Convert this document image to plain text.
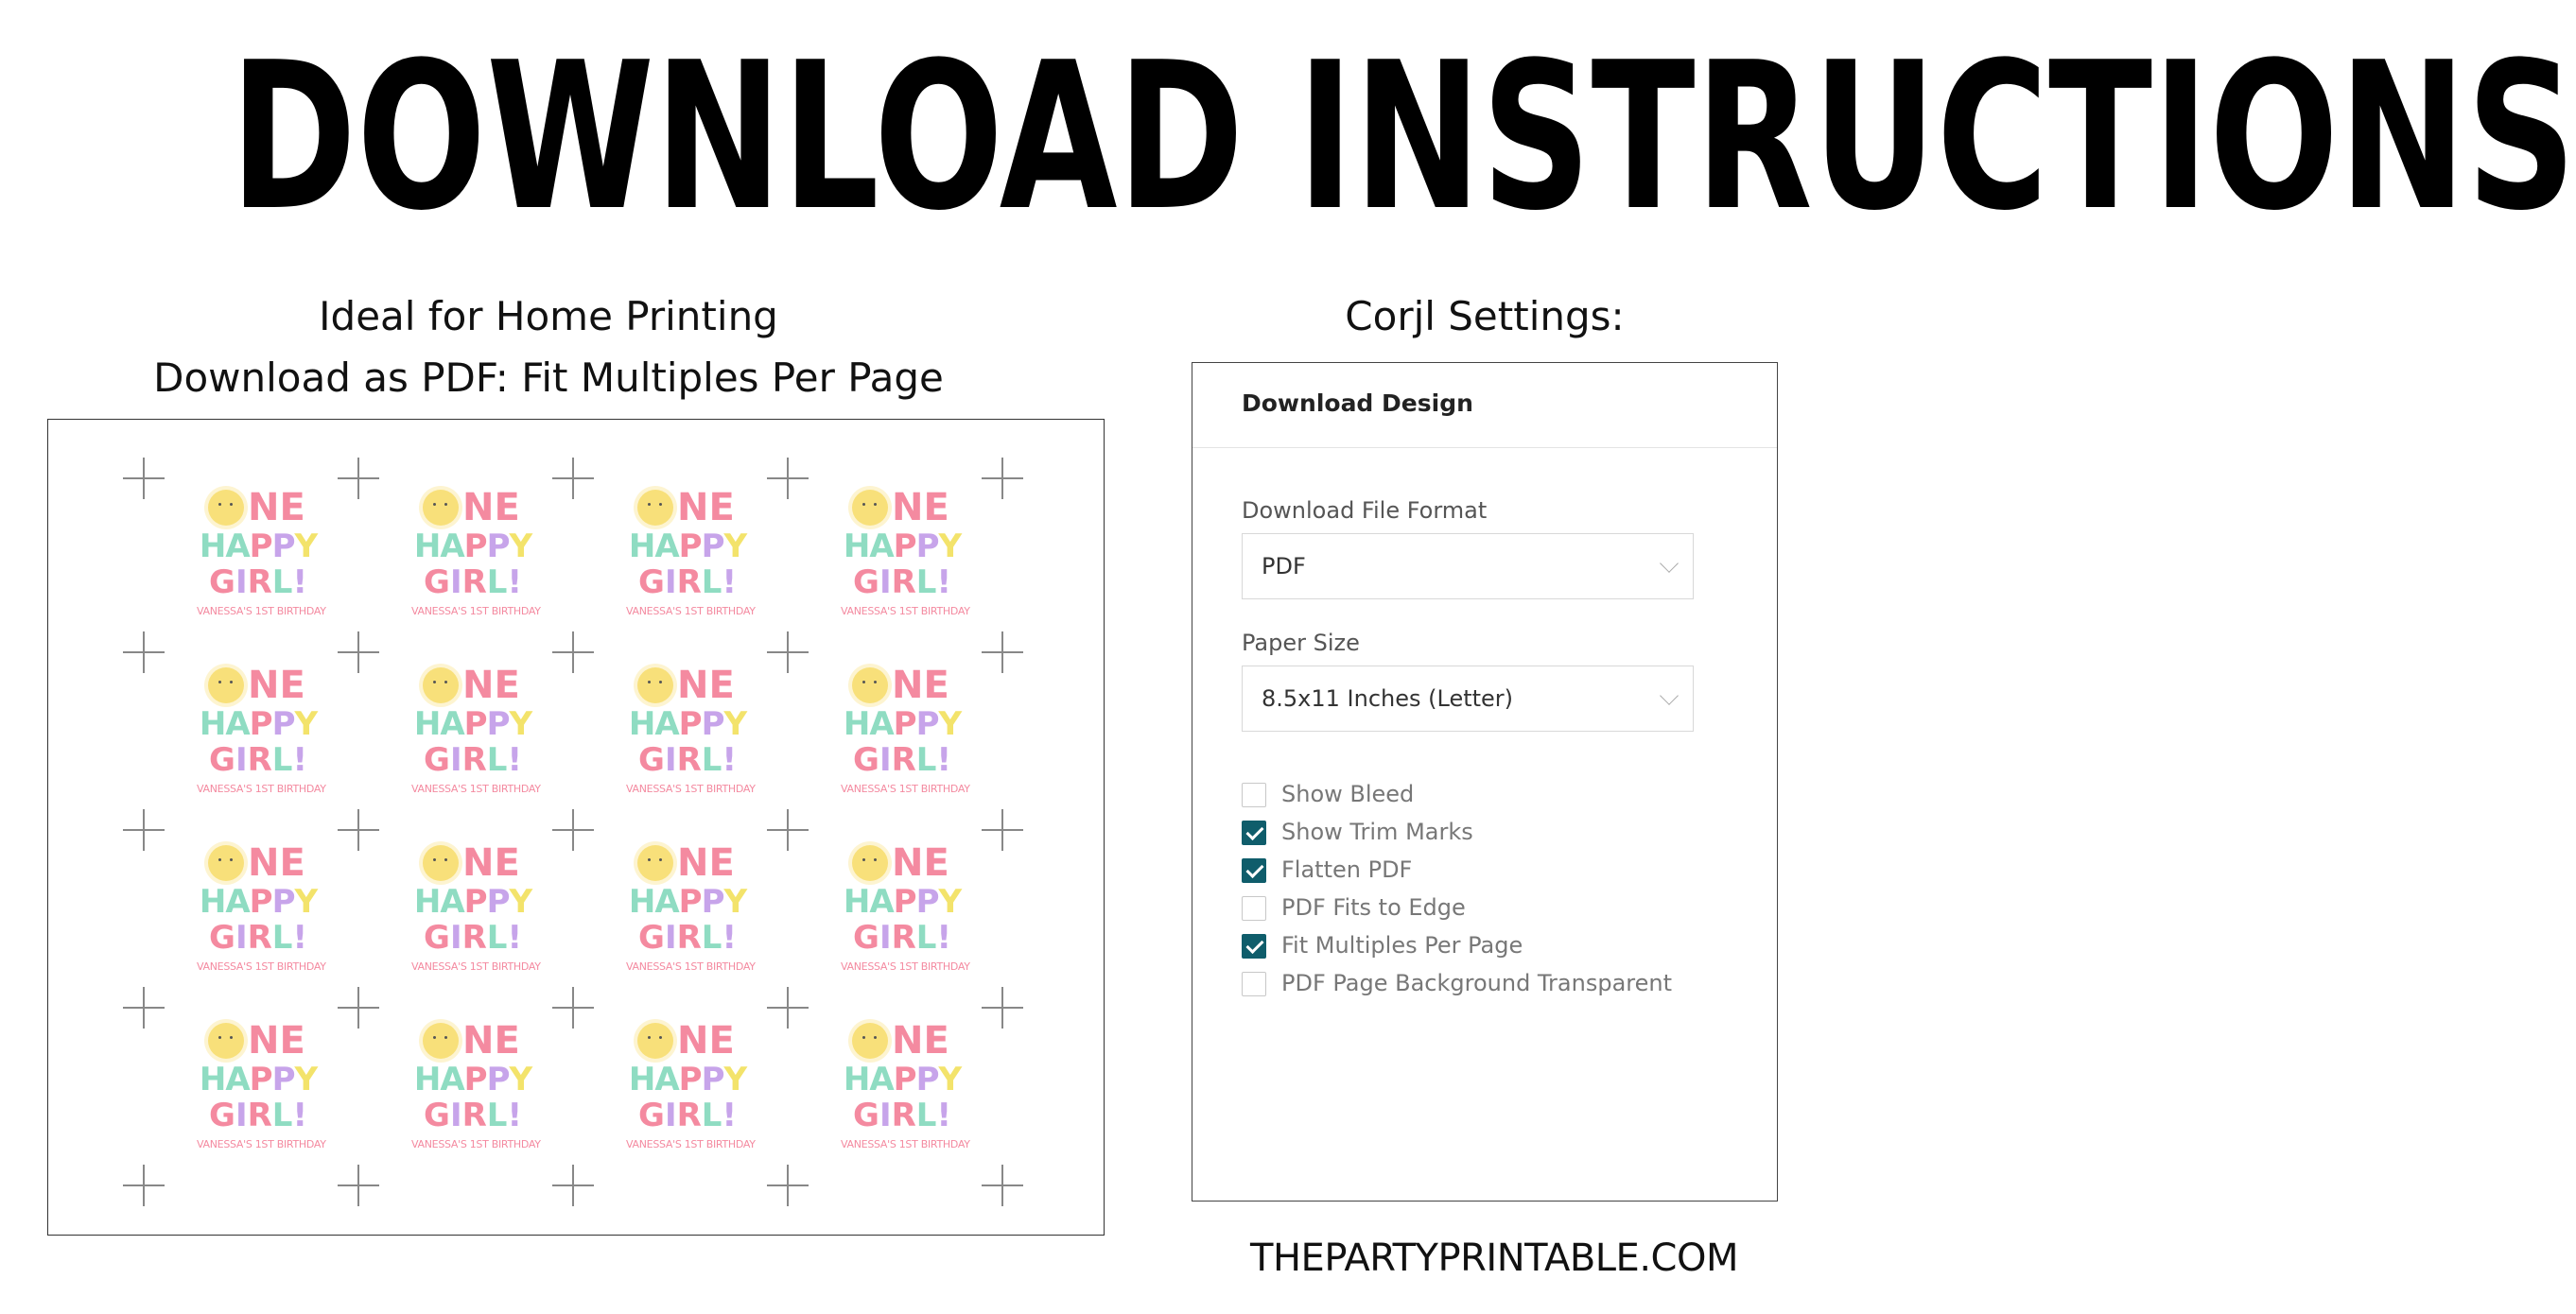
DOWNLOAD INSTRUCTIONS
Ideal for Home Printing
Download as PDF: Fit Multiples Per Page
Corjl Settings:
NE
HAPPY
GIRL!
VANESSA'S 1ST BIRTHDAY
NE
HAPPY
GIRL!
VANESSA'S 1ST BIRTHDAY
NE
HAPPY
GIRL!
VANESSA'S 1ST BIRTHDAY
NE
HAPPY
GIRL!
VANESSA'S 1ST BIRTHDAY
NE
HAPPY
GIRL!
VANESSA'S 1ST BIRTHDAY
NE
HAPPY
GIRL!
VANESSA'S 1ST BIRTHDAY
NE
HAPPY
GIRL!
VANESSA'S 1ST BIRTHDAY
NE
HAPPY
GIRL!
VANESSA'S 1ST BIRTHDAY
NE
HAPPY
GIRL!
VANESSA'S 1ST BIRTHDAY
NE
HAPPY
GIRL!
VANESSA'S 1ST BIRTHDAY
NE
HAPPY
GIRL!
VANESSA'S 1ST BIRTHDAY
NE
HAPPY
GIRL!
VANESSA'S 1ST BIRTHDAY
NE
HAPPY
GIRL!
VANESSA'S 1ST BIRTHDAY
NE
HAPPY
GIRL!
VANESSA'S 1ST BIRTHDAY
NE
HAPPY
GIRL!
VANESSA'S 1ST BIRTHDAY
NE
HAPPY
GIRL!
VANESSA'S 1ST BIRTHDAY
Download Design
Download File Format
PDF
Paper Size
8.5x11 Inches (Letter)
Show Bleed
Show Trim Marks
Flatten PDF
PDF Fits to Edge
Fit Multiples Per Page
PDF Page Background Transparent
THEPARTYPRINTABLE.COM
